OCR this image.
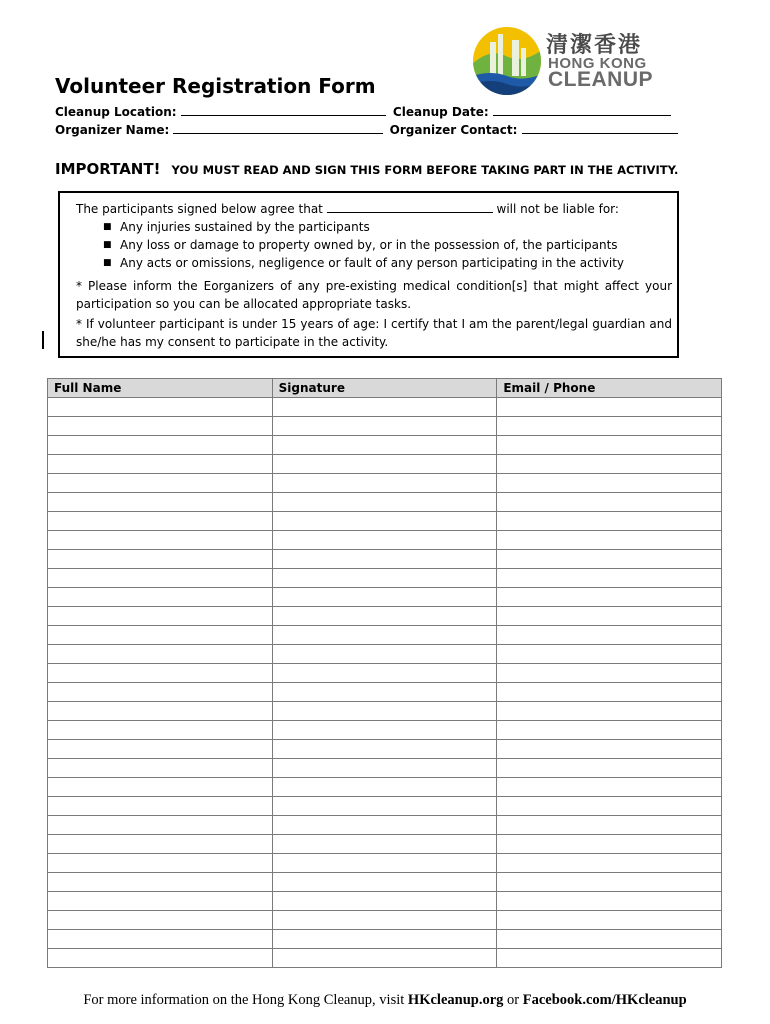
清潔香港
HONG KONG
CLEANUP
Volunteer Registration Form
Cleanup Location:	Cleanup Date:
Organizer Name:	Organizer Contact:
IMPORTANT! YOU MUST READ AND SIGN THIS FORM BEFORE TAKING PART IN THE ACTIVITY.
The participants signed below agree that	will not be liable for:
■ Any injuries sustained by the participants
■ Any loss or damage to property owned by, or in the possession of, the participants
■ Any acts or omissions, negligence or fault of any person participating in the activity
* Please inform the Eorganizers of any pre-existing medical condition[s] that might affect your participation so you can be allocated appropriate tasks.
* If volunteer participant is under 15 years of age: I certify that I am the parent/legal guardian and she/he has my consent to participate in the activity.
Full Name	Signature	Email / Phone

For more information on the Hong Kong Cleanup, visit HKcleanup.org or Facebook.com/HKcleanup
